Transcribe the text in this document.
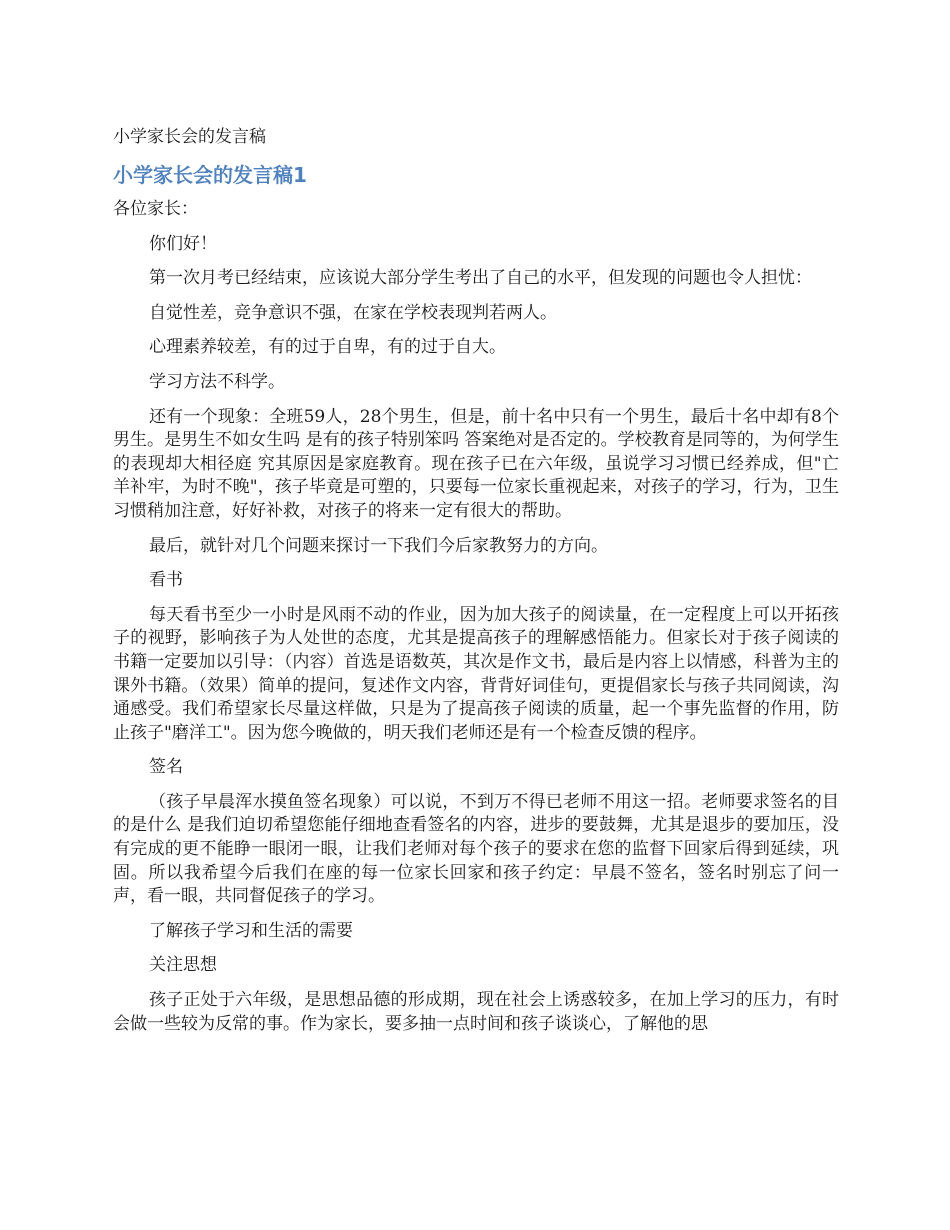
小学家长会的发言稿
小学家长会的发言稿1

各位家长：

你们好！

第一次月考已经结束，应该说大部分学生考出了自己的水平，但发现的问题也令人担忧：

自觉性差，竞争意识不强，在家在学校表现判若两人。

心理素养较差，有的过于自卑，有的过于自大。

学习方法不科学。

还有一个现象：全班59人，28个男生，但是，前十名中只有一个男生，最后十名中却有8个男生。是男生不如女生吗 是有的孩子特别笨吗 答案绝对是否定的。学校教育是同等的，为何学生的表现却大相径庭 究其原因是家庭教育。现在孩子已在六年级，虽说学习习惯已经养成，但"亡羊补牢，为时不晚"，孩子毕竟是可塑的，只要每一位家长重视起来，对孩子的学习，行为，卫生习惯稍加注意，好好补救，对孩子的将来一定有很大的帮助。

最后，就针对几个问题来探讨一下我们今后家教努力的方向。

看书

每天看书至少一小时是风雨不动的作业，因为加大孩子的阅读量，在一定程度上可以开拓孩子的视野，影响孩子为人处世的态度，尤其是提高孩子的理解感悟能力。但家长对于孩子阅读的书籍一定要加以引导：（内容）首选是语数英，其次是作文书，最后是内容上以情感，科普为主的课外书籍。（效果）简单的提问，复述作文内容，背背好词佳句，更提倡家长与孩子共同阅读，沟通感受。我们希望家长尽量这样做，只是为了提高孩子阅读的质量，起一个事先监督的作用，防止孩子"磨洋工"。因为您今晚做的，明天我们老师还是有一个检查反馈的程序。

签名

（孩子早晨浑水摸鱼签名现象）可以说，不到万不得已老师不用这一招。老师要求签名的目的是什么 是我们迫切希望您能仔细地查看签名的内容，进步的要鼓舞，尤其是退步的要加压，没有完成的更不能睁一眼闭一眼，让我们老师对每个孩子的要求在您的监督下回家后得到延续，巩固。所以我希望今后我们在座的每一位家长回家和孩子约定：早晨不签名，签名时别忘了问一声，看一眼，共同督促孩子的学习。

了解孩子学习和生活的需要

关注思想

孩子正处于六年级，是思想品德的形成期，现在社会上诱惑较多，在加上学习的压力，有时会做一些较为反常的事。作为家长，要多抽一点时间和孩子谈谈心，了解他的思
